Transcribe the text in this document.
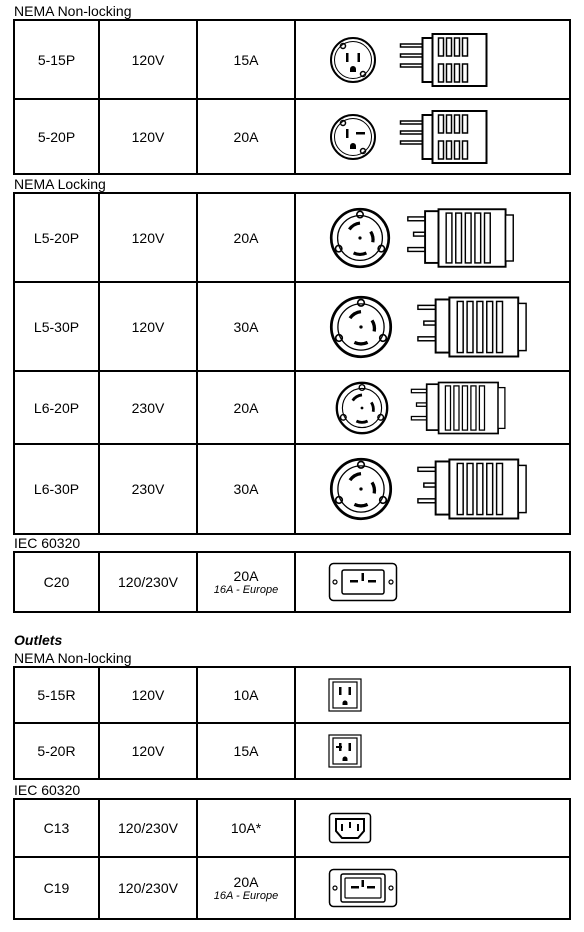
NEMA Non-locking
5-15P	120V	15A	

5-20P	120V	20A	
NEMA Locking
L5-20P	120V	20A	

L5-30P	120V	30A	

L6-20P	230V	20A	

L6-30P	230V	30A	
IEC 60320
C20	120/230V	20A
16A - Europe

Outlets
NEMA Non-locking
5-15R	120V	10A	

5-20R	120V	15A	
IEC 60320
C13	120/230V	10A*	

C19	120/230V	20A
16A - Europe
